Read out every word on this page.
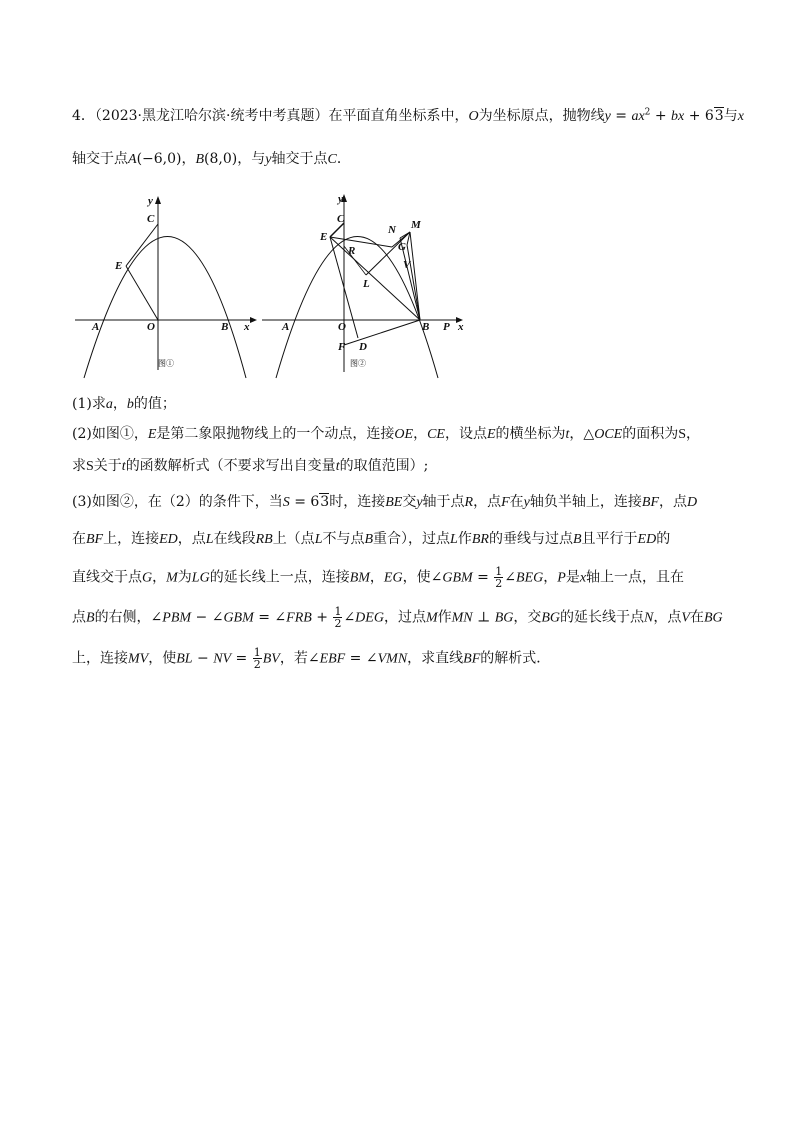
4．（2023·黑龙江哈尔滨·统考中考真题）在平面直角坐标系中，O为坐标原点，抛物线$y = ax^2$ + bx + 63与x
轴交于点A(−6,0)，B(8,0)，与y轴交于点C．
y
C
E
A	O	B x
图①
y
C
E
R
N M
G
V
L
A	O	B P x
F D
图②
(1)求a，b的值；
(2)如图①，E是第二象限抛物线上的一个动点，连接OE，CE，设点E的横坐标为t，△OCE的面积为S，
求S关于t的函数解析式（不要求写出自变量t的取值范围）;
(3)如图②，在（2）的条件下，当S = 63时，连接BE交y轴于点R，点F在y轴负半轴上，连接BF，点D
在BF上，连接ED，点L在线段RB上（点L不与点B重合），过点L作BR的垂线与过点B且平行于ED的
直线交于点G，M为LG的延长线上一点，连接BM，EG，使∠GBM = $\frac{1}{2}$ ∠BEG，P是x轴上一点，且在
点B的右侧，∠PBM − ∠GBM = ∠FRB + $\frac{1}{2}$ ∠DEG，过点M作MN ⊥ BG，交BG的延长线于点N，点V在BG
上，连接MV，使BL − NV = $\frac{1}{2}$ BV，若∠EBF = ∠VMN，求直线BF的解析式．
